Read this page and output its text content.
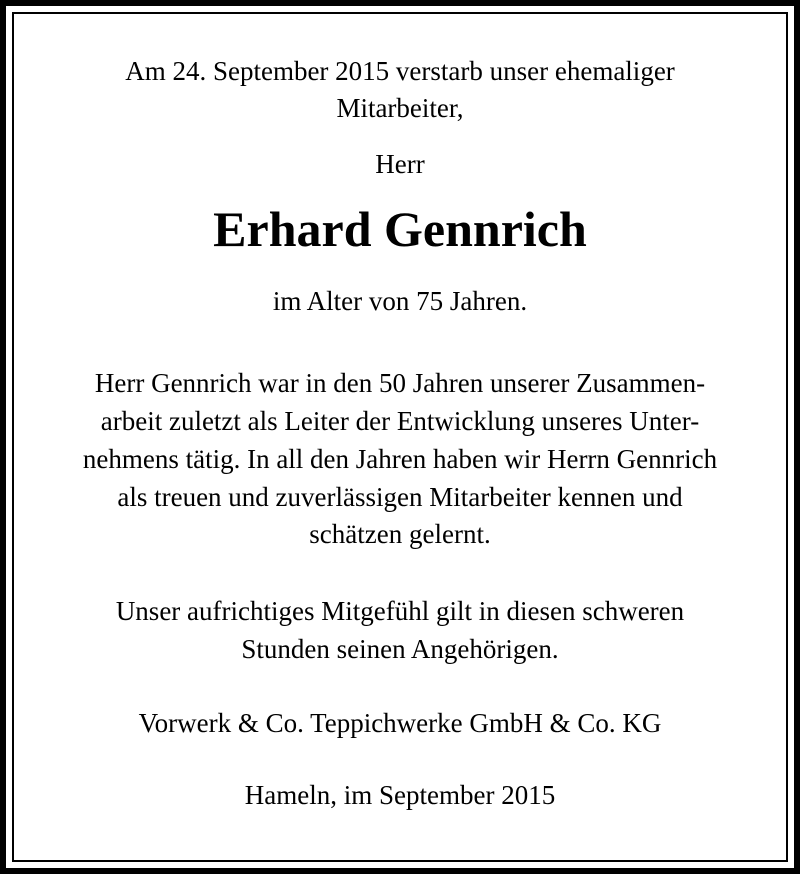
Am 24. September 2015 verstarb unser ehemaliger
Mitarbeiter,
Herr
Erhard Gennrich
im Alter von 75 Jahren.
Herr Gennrich war in den 50 Jahren unserer Zusammen-
arbeit zuletzt als Leiter der Entwicklung unseres Unter-
nehmens tätig. In all den Jahren haben wir Herrn Gennrich
als treuen und zuverlässigen Mitarbeiter kennen und
schätzen gelernt.
Unser aufrichtiges Mitgefühl gilt in diesen schweren
Stunden seinen Angehörigen.
Vorwerk & Co. Teppichwerke GmbH & Co. KG
Hameln, im September 2015
